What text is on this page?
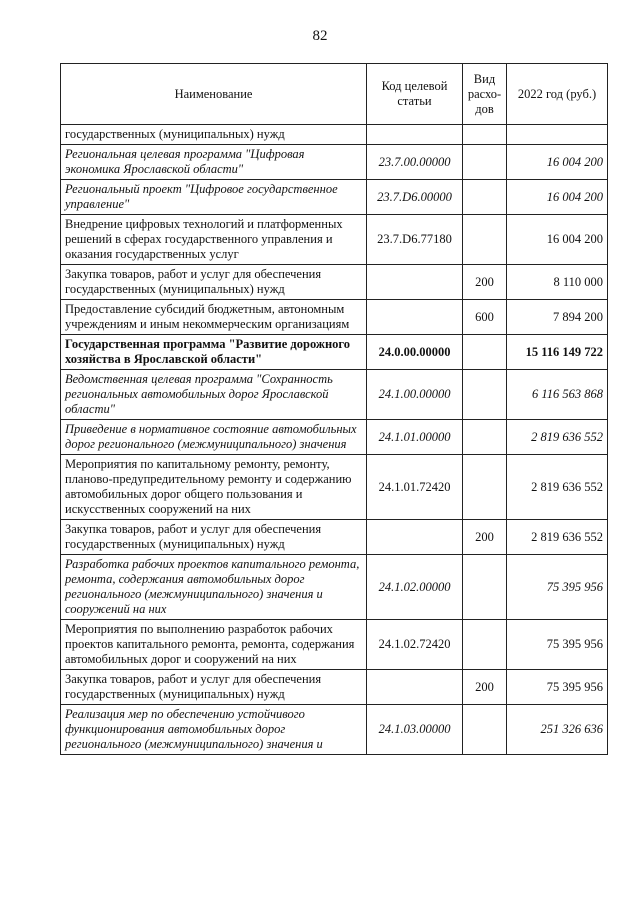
82
Наименование	Код целевой статьи	Вид расхо-дов	2022 год (руб.)
государственных (муниципальных) нужд			
Региональная целевая программа "Цифровая экономика Ярославской области"	23.7.00.00000		16 004 200
Региональный проект "Цифровое государственное управление"	23.7.D6.00000		16 004 200
Внедрение цифровых технологий и платформенных решений в сферах государственного управления и оказания государственных услуг	23.7.D6.77180		16 004 200
Закупка товаров, работ и услуг для обеспечения государственных (муниципальных) нужд		200	8 110 000
Предоставление субсидий бюджетным, автономным учреждениям и иным некоммерческим организациям		600	7 894 200
Государственная программа "Развитие дорожного хозяйства в Ярославской области"	24.0.00.00000		15 116 149 722
Ведомственная целевая программа "Сохранность региональных автомобильных дорог Ярославской области"	24.1.00.00000		6 116 563 868
Приведение в нормативное состояние автомобильных дорог регионального (межмуниципального) значения	24.1.01.00000		2 819 636 552
Мероприятия по капитальному ремонту, ремонту, планово-предупредительному ремонту и содержанию автомобильных дорог общего пользования и искусственных сооружений на них	24.1.01.72420		2 819 636 552
Закупка товаров, работ и услуг для обеспечения государственных (муниципальных) нужд		200	2 819 636 552
Разработка рабочих проектов капитального ремонта, ремонта, содержания автомобильных дорог регионального (межмуниципального) значения и сооружений на них	24.1.02.00000		75 395 956
Мероприятия по выполнению разработок рабочих проектов капитального ремонта, ремонта, содержания автомобильных дорог и сооружений на них	24.1.02.72420		75 395 956
Закупка товаров, работ и услуг для обеспечения государственных (муниципальных) нужд		200	75 395 956
Реализация мер по обеспечению устойчивого функционирования автомобильных дорог регионального (межмуниципального) значения и	24.1.03.00000		251 326 636
